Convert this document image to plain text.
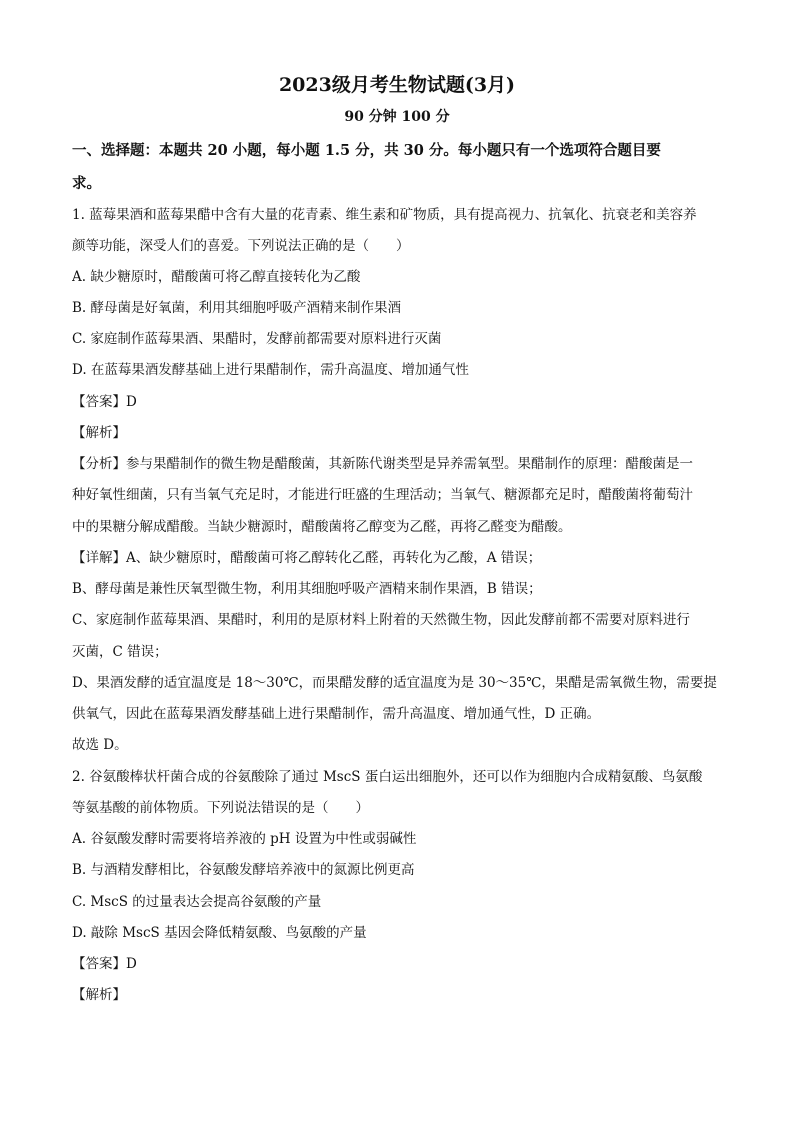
2023级月考生物试题(3月)
90 分钟 100 分
一、选择题：本题共 20 小题，每小题 1.5 分，共 30 分。每小题只有一个选项符合题目要
求。
1. 蓝莓果酒和蓝莓果醋中含有大量的花青素、维生素和矿物质，具有提高视力、抗氧化、抗衰老和美容养
颜等功能，深受人们的喜爱。下列说法正确的是（　　）
A. 缺少糖原时，醋酸菌可将乙醇直接转化为乙酸
B. 酵母菌是好氧菌，利用其细胞呼吸产酒精来制作果酒
C. 家庭制作蓝莓果酒、果醋时，发酵前都需要对原料进行灭菌
D. 在蓝莓果酒发酵基础上进行果醋制作，需升高温度、增加通气性
【答案】D
【解析】
【分析】参与果醋制作的微生物是醋酸菌，其新陈代谢类型是异养需氧型。果醋制作的原理：醋酸菌是一
种好氧性细菌，只有当氧气充足时，才能进行旺盛的生理活动；当氧气、糖源都充足时，醋酸菌将葡萄汁
中的果糖分解成醋酸。当缺少糖源时，醋酸菌将乙醇变为乙醛，再将乙醛变为醋酸。
【详解】A、缺少糖原时，醋酸菌可将乙醇转化乙醛，再转化为乙酸，A 错误；
B、酵母菌是兼性厌氧型微生物，利用其细胞呼吸产酒精来制作果酒，B 错误；
C、家庭制作蓝莓果酒、果醋时，利用的是原材料上附着的天然微生物，因此发酵前都不需要对原料进行
灭菌，C 错误；
D、果酒发酵的适宜温度是 18～30℃，而果醋发酵的适宜温度为是 30～35℃，果醋是需氧微生物，需要提
供氧气，因此在蓝莓果酒发酵基础上进行果醋制作，需升高温度、增加通气性，D 正确。
故选 D。
2. 谷氨酸棒状杆菌合成的谷氨酸除了通过 MscS 蛋白运出细胞外，还可以作为细胞内合成精氨酸、鸟氨酸
等氨基酸的前体物质。下列说法错误的是（　　）
A. 谷氨酸发酵时需要将培养液的 pH 设置为中性或弱碱性
B. 与酒精发酵相比，谷氨酸发酵培养液中的氮源比例更高
C. MscS 的过量表达会提高谷氨酸的产量
D. 敲除 MscS 基因会降低精氨酸、鸟氨酸的产量
【答案】D
【解析】
